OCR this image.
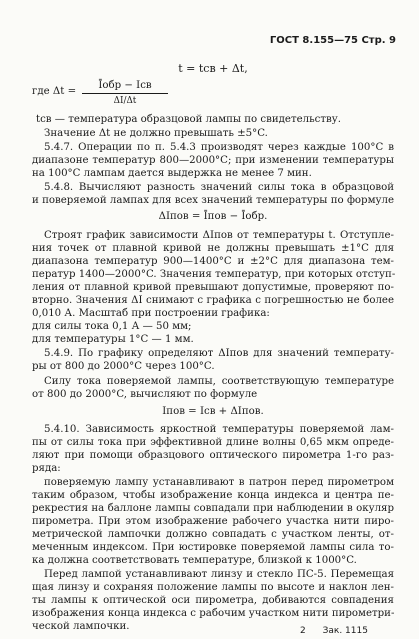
ГОСТ 8.155—75 Стр. 9
t = tсв + Δt,
где Δt =
Īобр − Iсв
ΔI/Δt
tсв — температура образцовой лампы по свидетельству.
Значение Δt не должно превышать ±5°C.
5.4.7. Операции по п. 5.4.3 производят через каждые 100°C в
диапазоне температур 800—2000°C; при изменении температуры
на 100°C лампам дается выдержка не менее 7 мин.
5.4.8. Вычисляют разность значений силы тока в образцовой
и поверяемой лампах для всех значений температуры по формуле
ΔIпов = Īпов − Īобр.
Строят график зависимости ΔIпов от температуры t. Отступле-
ния точек от плавной кривой не должны превышать ±1°C для
диапазона температур 900—1400°C и ±2°C для диапазона тем-
ператур 1400—2000°C. Значения температур, при которых отступ-
ления от плавной кривой превышают допустимые, проверяют по-
вторно. Значения ΔI снимают с графика с погрешностью не более
0,010 А. Масштаб при построении графика:
для силы тока 0,1 А — 50 мм;
для температуры 1°C — 1 мм.
5.4.9. По графику определяют ΔIпов для значений температу-
ры от 800 до 2000°C через 100°C.
Силу тока поверяемой лампы, соответствующую температуре
от 800 до 2000°C, вычисляют по формуле
Iпов = Iсв + ΔIпов.
5.4.10. Зависимость яркостной температуры поверяемой лам-
пы от силы тока при эффективной длине волны 0,65 мкм опреде-
ляют при помощи образцового оптического пирометра 1-го раз-
ряда:
поверяемую лампу устанавливают в патрон перед пирометром
таким образом, чтобы изображение конца индекса и центра пе-
рекрестия на баллоне лампы совпадали при наблюдении в окуляр
пирометра. При этом изображение рабочего участка нити пиро-
метрической лампочки должно совпадать с участком ленты, от-
меченным индексом. При юстировке поверяемой лампы сила то-
ка должна соответствовать температуре, близкой к 1000°C.
Перед лампой устанавливают линзу и стекло ПС-5. Перемещая
щая линзу и сохраняя положение лампы по высоте и наклон лен-
ты лампы к оптической оси пирометра, добиваются совпадения
изображения конца индекса с рабочим участком нити пирометри-
ческой лампочки.	2 Зак. 1115
